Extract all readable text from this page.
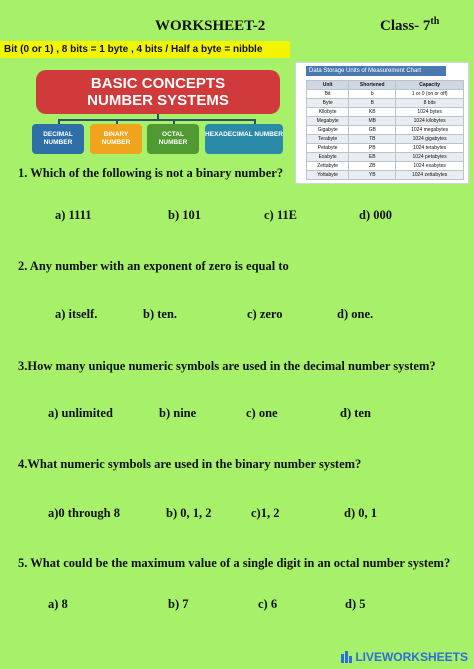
WORKSHEET-2	Class- 7th
Bit (0 or 1) , 8 bits = 1 byte , 4 bits / Half a byte = nibble
BASIC CONCEPTS
NUMBER SYSTEMS
DECIMAL NUMBER
BINARY NUMBER
OCTAL NUMBER
HEXADECIMAL NUMBER
Data Storage Units of Measurement Chart
Unit	Shortened	Capacity
Bit	b	1 or 0 (on or off)
Byte	B	8 bits
Kilobyte	KB	1024 bytes
Megabyte	MB	1024 kilobytes
Gigabyte	GB	1024 megabytes
Terabyte	TB	1024 gigabytes
Petabyte	PB	1024 terabytes
Exabyte	EB	1024 petabytes
Zettabyte	ZB	1024 exabytes
Yottabyte	YB	1024 zettabytes
1. Which of the following is not a binary number?
a) 1111	b) 101	c) 11E	d) 000
2. Any number with an exponent of zero is equal to
a) itself.	b) ten.	c) zero	d) one.
3.How many unique numeric symbols are used in the decimal number system?
a) unlimited	b) nine	c) one	d) ten
4.What numeric symbols are used in the binary number system?
a)0 through 8	b) 0, 1, 2	c)1, 2	d) 0, 1
5. What could be the maximum value of a single digit in an octal number system?
a) 8	b) 7	c) 6	d) 5
LIVEWORKSHEETS
